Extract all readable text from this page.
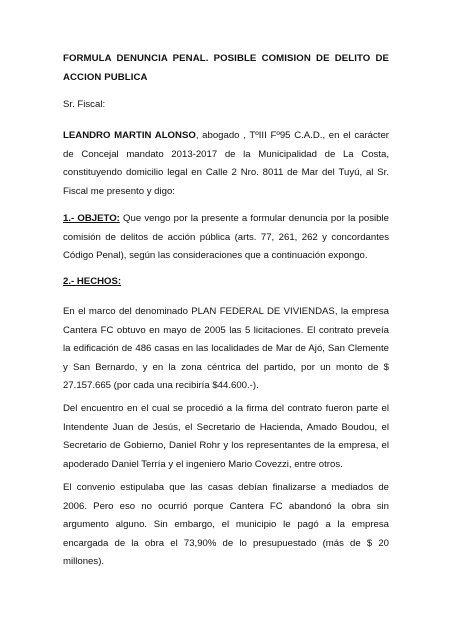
FORMULA DENUNCIA PENAL. POSIBLE COMISION DE DELITO DE ACCION PUBLICA

Sr. Fiscal:

LEANDRO MARTIN ALONSO, abogado , TºIII Fº95 C.A.D., en el carácter de Concejal mandato 2013-2017 de la Municipalidad de La Costa, constituyendo domicilio legal en Calle 2 Nro. 8011 de Mar del Tuyú, al Sr. Fiscal me presento y digo:

1.- OBJETO: Que vengo por la presente a formular denuncia por la posible comisión de delitos de acción pública (arts. 77, 261, 262 y concordantes Código Penal), según las consideraciones que a continuación expongo.

2.- HECHOS:

En el marco del denominado PLAN FEDERAL DE VIVIENDAS, la empresa Cantera FC obtuvo en mayo de 2005 las 5 licitaciones. El contrato preveía la edificación de 486 casas en las localidades de Mar de Ajó, San Clemente y San Bernardo, y en la zona céntrica del partido, por un monto de $ 27.157.665 (por cada una recibiría $44.600.-).

Del encuentro en el cual se procedió a la firma del contrato fueron parte el Intendente Juan de Jesús, el Secretario de Hacienda, Amado Boudou, el Secretario de Gobierno, Daniel Rohr y los representantes de la empresa, el apoderado Daniel Terría y el ingeniero Mario Covezzi, entre otros.

El convenio estipulaba que las casas debían finalizarse a mediados de 2006. Pero eso no ocurrió porque Cantera FC abandonó la obra sin argumento alguno. Sin embargo, el municipio le pagó a la empresa encargada de la obra el 73,90% de lo presupuestado (más de $ 20 millones).
